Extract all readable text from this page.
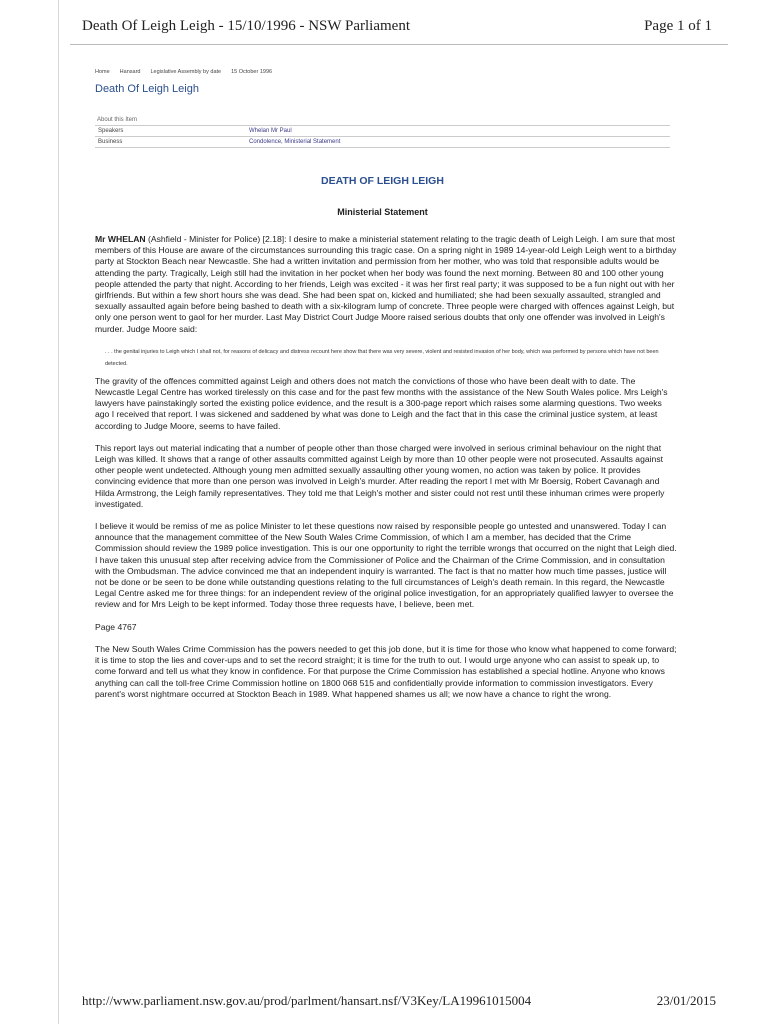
Death Of Leigh Leigh - 15/10/1996 - NSW Parliament	Page 1 of 1
Home Hansard Legislative Assembly by date 15 October 1996
Death Of Leigh Leigh
About this Item
Speakers	Whelan Mr Paul
Business	Condolence, Ministerial Statement
DEATH OF LEIGH LEIGH
Ministerial Statement

Mr WHELAN (Ashfield - Minister for Police) [2.18]: I desire to make a ministerial statement relating to the tragic death of Leigh Leigh. I am sure that most members of this House are aware of the circumstances surrounding this tragic case. On a spring night in 1989 14-year-old Leigh Leigh went to a birthday party at Stockton Beach near Newcastle. She had a written invitation and permission from her mother, who was told that responsible adults would be attending the party. Tragically, Leigh still had the invitation in her pocket when her body was found the next morning. Between 80 and 100 other young people attended the party that night. According to her friends, Leigh was excited - it was her first real party; it was supposed to be a fun night out with her girlfriends. But within a few short hours she was dead. She had been spat on, kicked and humiliated; she had been sexually assaulted, strangled and sexually assaulted again before being bashed to death with a six-kilogram lump of concrete. Three people were charged with offences against Leigh, but only one person went to gaol for her murder. Last May District Court Judge Moore raised serious doubts that only one offender was involved in Leigh's murder. Judge Moore said:

. . . the genital injuries to Leigh which I shall not, for reasons of delicacy and distress recount here show that there was very severe, violent and resisted invasion of her body, which was performed by persons which have not been detected.

The gravity of the offences committed against Leigh and others does not match the convictions of those who have been dealt with to date. The Newcastle Legal Centre has worked tirelessly on this case and for the past few months with the assistance of the New South Wales police. Mrs Leigh's lawyers have painstakingly sorted the existing police evidence, and the result is a 300-page report which raises some alarming questions. Two weeks ago I received that report. I was sickened and saddened by what was done to Leigh and the fact that in this case the criminal justice system, at least according to Judge Moore, seems to have failed.

This report lays out material indicating that a number of people other than those charged were involved in serious criminal behaviour on the night that Leigh was killed. It shows that a range of other assaults committed against Leigh by more than 10 other people were not prosecuted. Assaults against other people went undetected. Although young men admitted sexually assaulting other young women, no action was taken by police. It provides convincing evidence that more than one person was involved in Leigh's murder. After reading the report I met with Mr Boersig, Robert Cavanagh and Hilda Armstrong, the Leigh family representatives. They told me that Leigh's mother and sister could not rest until these inhuman crimes were properly investigated.

I believe it would be remiss of me as police Minister to let these questions now raised by responsible people go untested and unanswered. Today I can announce that the management committee of the New South Wales Crime Commission, of which I am a member, has decided that the Crime Commission should review the 1989 police investigation. This is our one opportunity to right the terrible wrongs that occurred on the night that Leigh died. I have taken this unusual step after receiving advice from the Commissioner of Police and the Chairman of the Crime Commission, and in consultation with the Ombudsman. The advice convinced me that an independent inquiry is warranted. The fact is that no matter how much time passes, justice will not be done or be seen to be done while outstanding questions relating to the full circumstances of Leigh's death remain. In this regard, the Newcastle Legal Centre asked me for three things: for an independent review of the original police investigation, for an appropriately qualified lawyer to oversee the review and for Mrs Leigh to be kept informed. Today those three requests have, I believe, been met.

Page 4767

The New South Wales Crime Commission has the powers needed to get this job done, but it is time for those who know what happened to come forward; it is time to stop the lies and cover-ups and to set the record straight; it is time for the truth to out. I would urge anyone who can assist to speak up, to come forward and tell us what they know in confidence. For that purpose the Crime Commission has established a special hotline. Anyone who knows anything can call the toll-free Crime Commission hotline on 1800 068 515 and confidentially provide information to commission investigators. Every parent's worst nightmare occurred at Stockton Beach in 1989. What happened shames us all; we now have a chance to right the wrong.

http://www.parliament.nsw.gov.au/prod/parlment/hansart.nsf/V3Key/LA19961015004	23/01/2015
